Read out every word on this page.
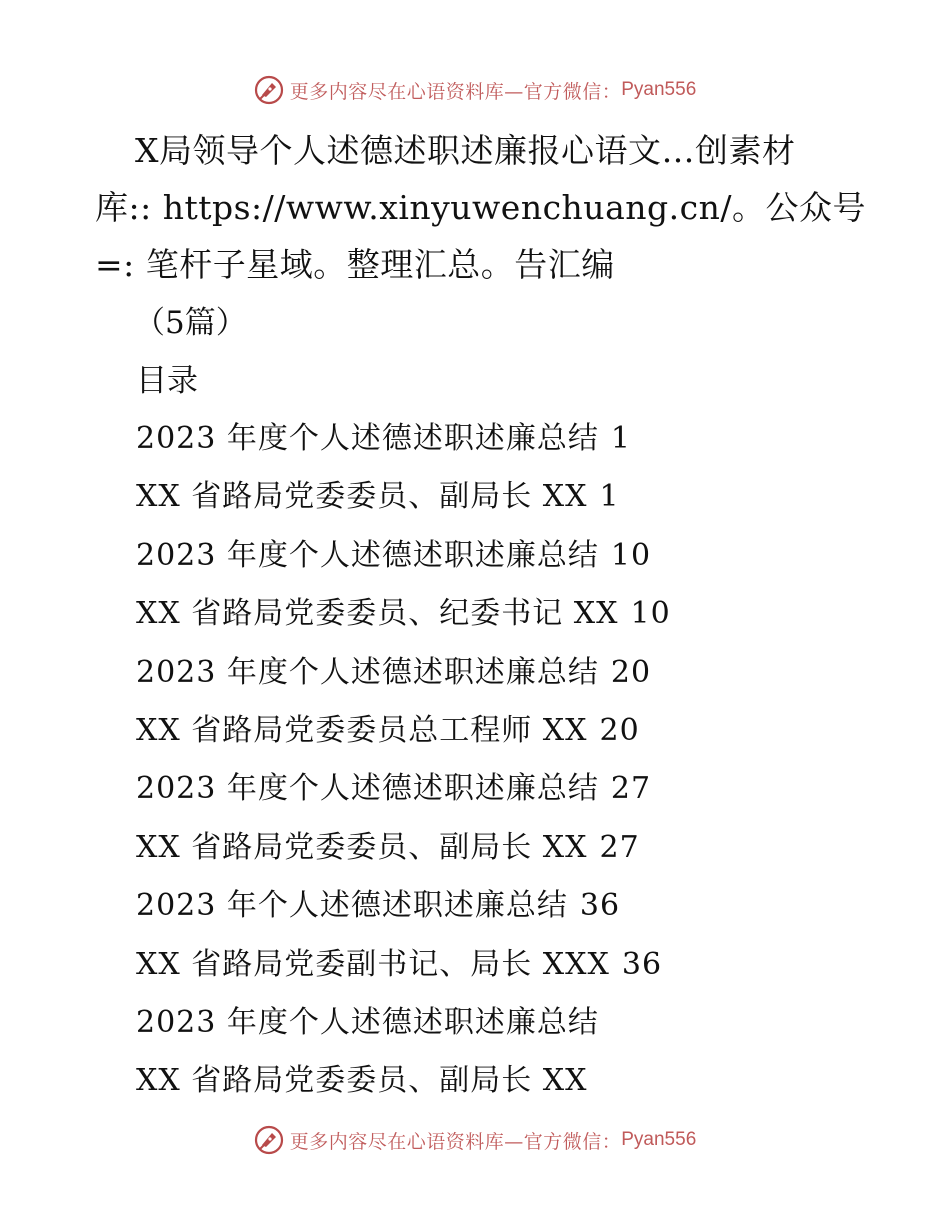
更多内容尽在心语资料库—官方微信： Pyan556
X局领导个人述德述职述廉报心语文…创素材
库:: https://www.xinyuwenchuang.cn/。公众号
=: 笔杆子星域。整理汇总。告汇编
（5篇）
目录
2023 年度个人述德述职述廉总结 1
XX 省路局党委委员、副局长 XX 1
2023 年度个人述德述职述廉总结 10
XX 省路局党委委员、纪委书记 XX 10
2023 年度个人述德述职述廉总结 20
XX 省路局党委委员总工程师 XX 20
2023 年度个人述德述职述廉总结 27
XX 省路局党委委员、副局长 XX 27
2023 年个人述德述职述廉总结 36
XX 省路局党委副书记、局长 XXX 36
2023 年度个人述德述职述廉总结
XX 省路局党委委员、副局长 XX
更多内容尽在心语资料库—官方微信： Pyan556
